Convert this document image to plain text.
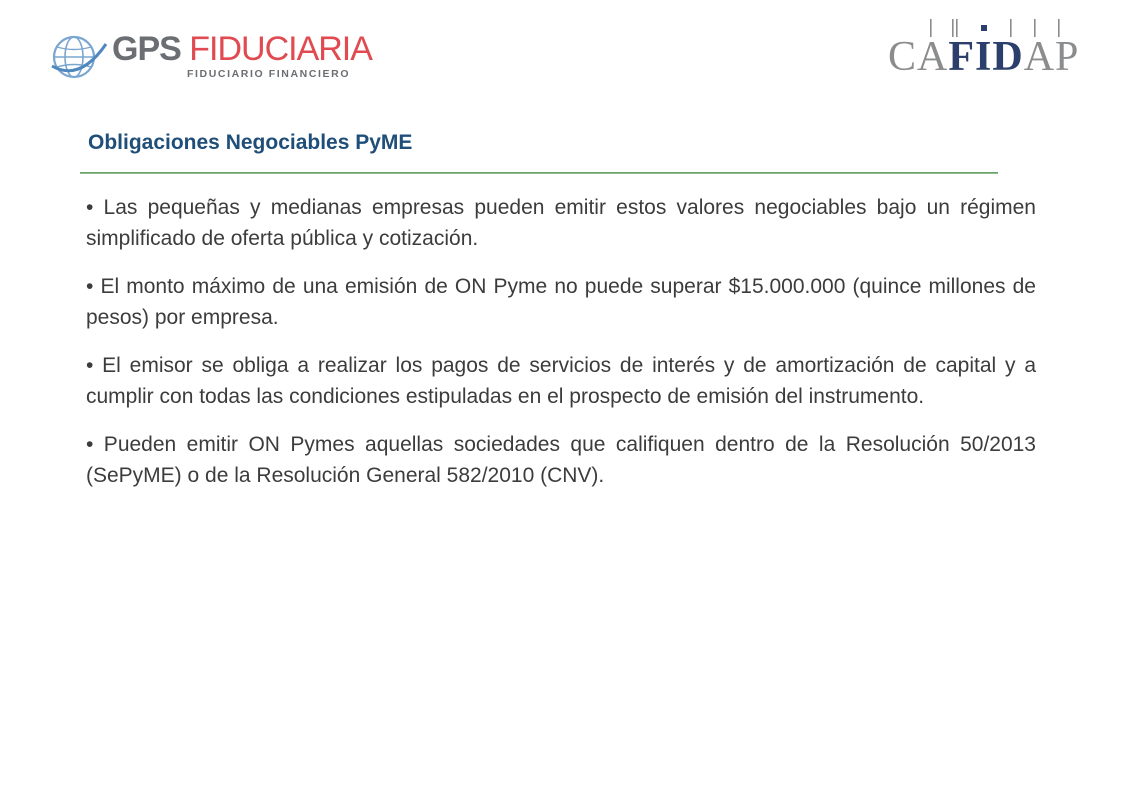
GPS FIDUCIARIA
FIDUCIARIO FINANCIERO	CAFIDAP
Obligaciones Negociables PyME

• Las pequeñas y medianas empresas pueden emitir estos valores negociables bajo un régimen simplificado de oferta pública y cotización.

• El monto máximo de una emisión de ON Pyme no puede superar $15.000.000 (quince millones de pesos) por empresa.

• El emisor se obliga a realizar los pagos de servicios de interés y de amortización de capital y a cumplir con todas las condiciones estipuladas en el prospecto de emisión del instrumento.

• Pueden emitir ON Pymes aquellas sociedades que califiquen dentro de la Resolución 50/2013 (SePyME) o de la Resolución General 582/2010 (CNV).
